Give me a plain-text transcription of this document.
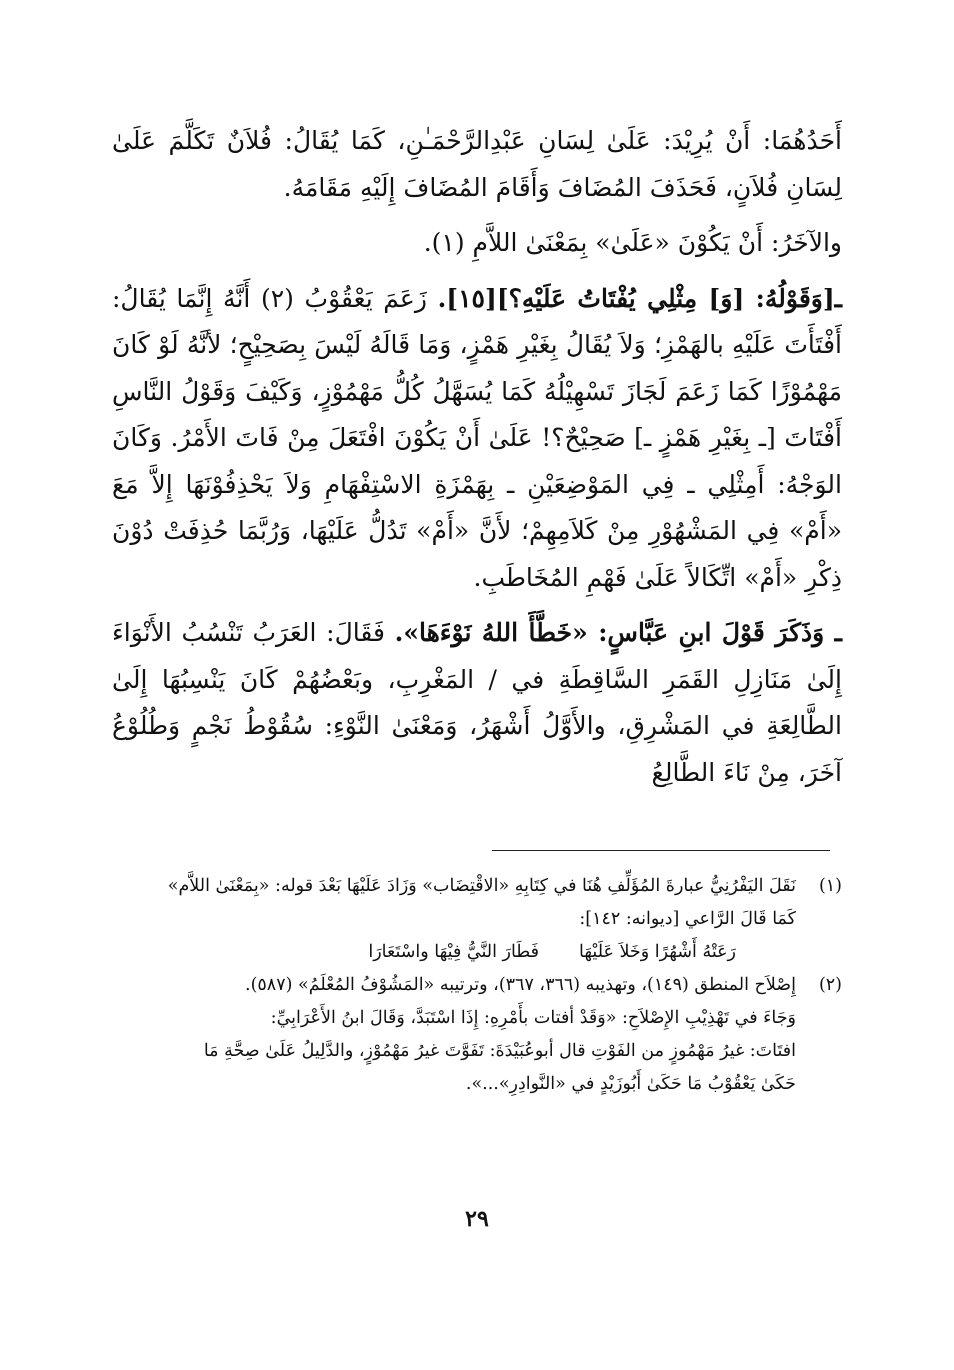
أَحَدُهُمَا: أَنْ يُرِيْدَ: عَلَىٰ لِسَانِ عَبْدِالرَّحْمَـٰنِ، كَمَا يُقَالُ: فُلاَنٌ تَكَلَّمَ عَلَىٰ لِسَانِ فُلاَنٍ، فَحَذَفَ المُضَافَ وَأَقَامَ المُضَافَ إِلَيْهِ مَقَامَهُ.

والآخَرُ: أَنْ يَكُوْنَ «عَلَىٰ» بِمَعْنَىٰ اللاَّمِ (١).

ـ[وَقَوْلُهُ: [وَ] مِثْلِي يُفْتَاتُ عَلَيْهِ؟][١٥]. زَعَمَ يَعْقُوْبُ (٢) أَنَّهُ إِنَّمَا يُقَالُ: أَفْتَأَتَ عَلَيْهِ بالهَمْزِ؛ وَلاَ يُقَالُ بِغَيْرِ هَمْزٍ، وَمَا قَالَهُ لَيْسَ بِصَحِيْحٍ؛ لأنَّهُ لَوْ كَانَ مَهْمُوْزًا كَمَا زَعَمَ لَجَازَ تَسْهِيْلُهُ كَمَا يُسَهَّلُ كُلُّ مَهْمُوْزٍ، وَكَيْفَ وَقَوْلُ النَّاسِ أَفْتَاتَ [ـ بِغَيْرِ هَمْزٍ ـ] صَحِيْحٌ؟! عَلَىٰ أَنْ يَكُوْنَ افْتَعَلَ مِنْ فَاتَ الأَمْرُ. وَكَانَ الوَجْهُ: أَمِثْلِي ـ فِي المَوْضِعَيْنِ ـ بِهَمْزَةِ الاسْتِفْهَامِ وَلاَ يَحْذِفُوْنَهَا إِلاَّ مَعَ «أَمْ» فِي المَشْهُوْرِ مِنْ كَلاَمِهِمْ؛ لأَنَّ «أَمْ» تَدُلُّ عَلَيْهَا، وَرُبَّمَا حُذِفَتْ دُوْنَ ذِكْرِ «أَمْ» اتِّكَالاً عَلَىٰ فَهْمِ المُخَاطَبِ.

ـ وَذَكَرَ قَوْلَ ابنِ عَبَّاسٍ: «خَطَّأَ اللهُ نَوْءَهَا». فَقَالَ: العَرَبُ تَنْسُبُ الأَنْوَاءَ إِلَىٰ مَنَازِلِ القَمَرِ السَّاقِطَةِ في / المَغْرِبِ، وبَعْضُهُمْ كَانَ يَنْسِبُهَا إِلَىٰ الطَّالِعَةِ في المَشْرِقِ، والأَوَّلُ أَشْهَرُ، وَمَعْنَىٰ النَّوْءِ: سُقُوْطُ نَجْمٍ وَطُلُوْعُ آخَرَ، مِنْ نَاءَ الطَّالِعُ

(١)

نَقَلَ اليَفْرُنِيُّ عبارةَ المُؤَلِّفِ هُنَا في كِتَابِهِ «الاقْتِضَاب» وَزَادَ عَلَيْهَا بَعْدَ قوله: «بِمَعْنَىٰ اللاَّم»

كَمَا قَالَ الرَّاعي [ديوانه: ١٤٢]:

رَعَتْهُ أَشْهُرًا وَخَلاَ عَلَيْهَا
فَطَارَ النَّيُّ فِيْهَا واسْتَعَارَا
(٢)

إِصْلاَح المنطق (١٤٩)، وتهذيبه (٣٦٦، ٣٦٧)، وترتيبه «المَشُوْفُ المُعْلَمُ» (٥٨٧).

وَجَاءَ في تَهْذِيْبِ الإِصْلاَحِ: «وَقَدْ أفتات بأَمْرِهِ: إِذَا اسْتَبَدَّ، وَقَالَ ابنُ الأَعْرَابِيِّ:

افتَاتَ: غيرُ مَهْمُوزٍ من الفَوْتِ قال أبوعُبَيْدَةَ: تَفَوَّتَ غيرُ مَهْمُوْزٍ، والدَّلِيلُ عَلَىٰ صِحَّةِ مَا

حَكَىٰ يَعْقُوْبُ مَا حَكَىٰ أَبُوزَيْدٍ في «النَّوادِرِ»...».

٢٩
